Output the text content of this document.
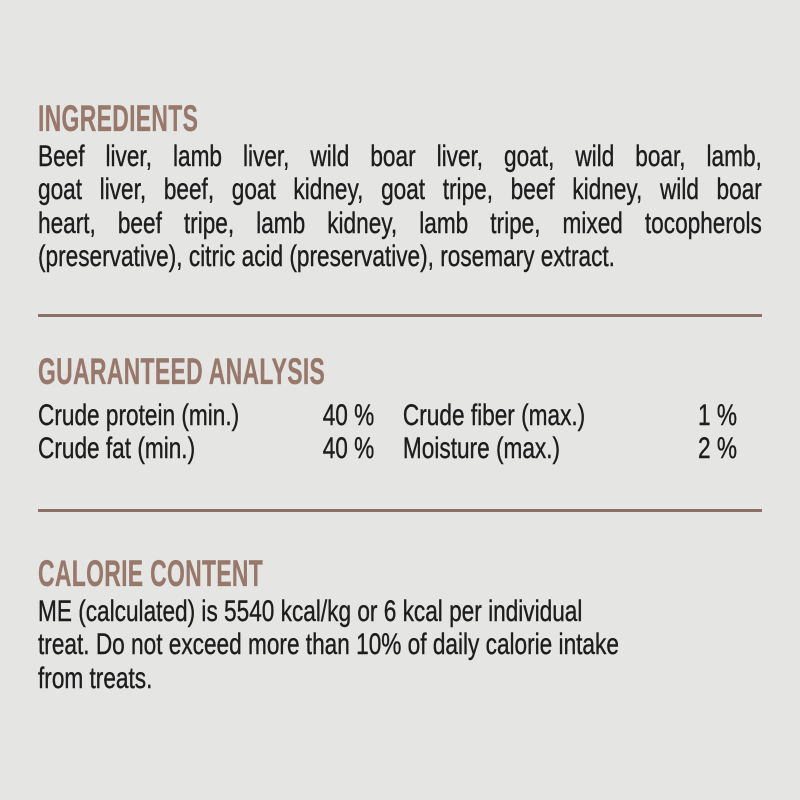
INGREDIENTS
Beef liver, lamb liver, wild boar liver, goat, wild boar, lamb,
goat liver, beef, goat kidney, goat tripe, beef kidney, wild boar
heart, beef tripe, lamb kidney, lamb tripe, mixed tocopherols
(preservative), citric acid (preservative), rosemary extract.
GUARANTEED ANALYSIS
Crude protein (min.)	40 % Crude fiber (max.)	1 %
Crude fat (min.)	40 % Moisture (max.)	2 %
CALORIE CONTENT
ME (calculated) is 5540 kcal/kg or 6 kcal per individual
treat. Do not exceed more than 10% of daily calorie intake
from treats.
